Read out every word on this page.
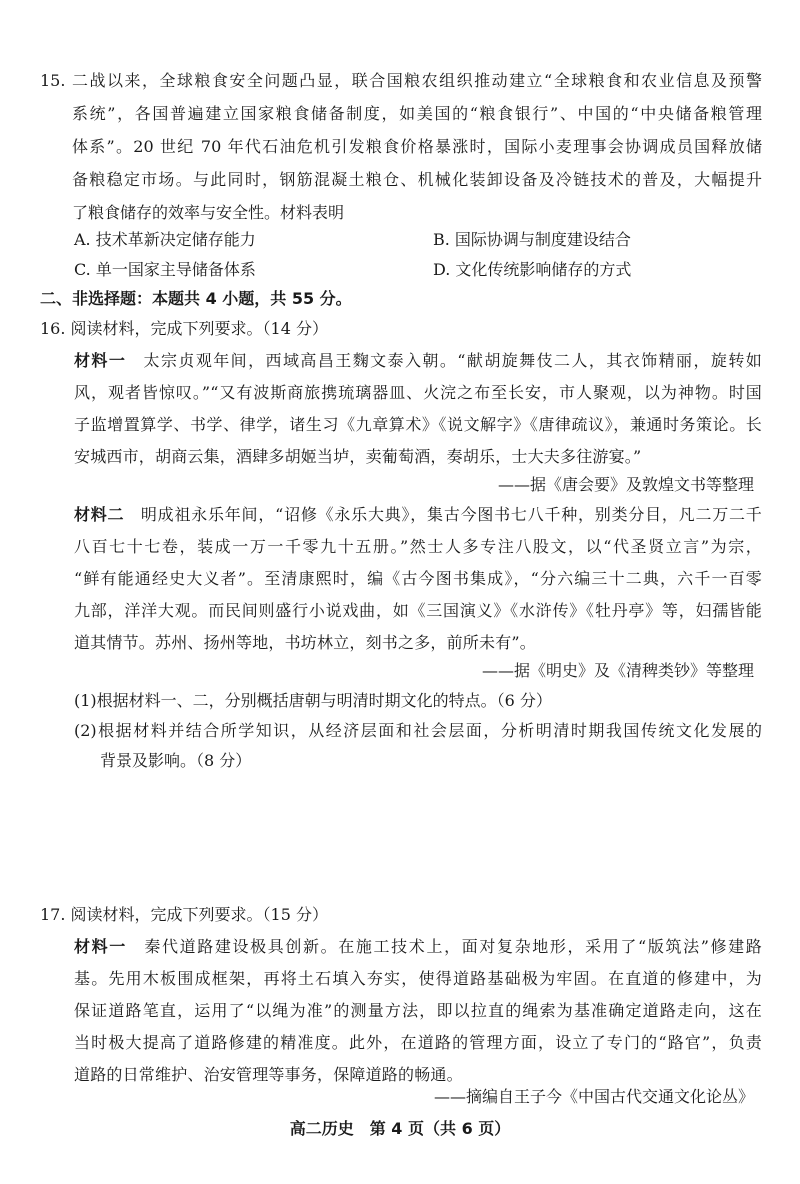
15. 二战以来，全球粮食安全问题凸显，联合国粮农组织推动建立“全球粮食和农业信息及预警
系统”，各国普遍建立国家粮食储备制度，如美国的“粮食银行”、中国的“中央储备粮管理
体系”。20 世纪 70 年代石油危机引发粮食价格暴涨时，国际小麦理事会协调成员国释放储
备粮稳定市场。与此同时，钢筋混凝土粮仓、机械化装卸设备及冷链技术的普及，大幅提升
了粮食储存的效率与安全性。材料表明
A. 技术革新决定储存能力	B. 国际协调与制度建设结合
C. 单一国家主导储备体系	D. 文化传统影响储存的方式
二、非选择题：本题共 4 小题，共 55 分。
16. 阅读材料，完成下列要求。（14 分）
材料一 太宗贞观年间，西域高昌王麴文泰入朝。“献胡旋舞伎二人，其衣饰精丽，旋转如
风，观者皆惊叹。”“又有波斯商旅携琉璃器皿、火浣之布至长安，市人聚观，以为神物。时国
子监增置算学、书学、律学，诸生习《九章算术》《说文解字》《唐律疏议》，兼通时务策论。长
安城西市，胡商云集，酒肆多胡姬当垆，卖葡萄酒，奏胡乐，士大夫多往游宴。”
——据《唐会要》及敦煌文书等整理
材料二 明成祖永乐年间，“诏修《永乐大典》，集古今图书七八千种，别类分目，凡二万二千
八百七十七卷，装成一万一千零九十五册。”然士人多专注八股文，以“代圣贤立言”为宗，
“鲜有能通经史大义者”。至清康熙时，编《古今图书集成》，“分六编三十二典，六千一百零
九部，洋洋大观。而民间则盛行小说戏曲，如《三国演义》《水浒传》《牡丹亭》等，妇孺皆能
道其情节。苏州、扬州等地，书坊林立，刻书之多，前所未有”。
——据《明史》及《清稗类钞》等整理
(1)根据材料一、二，分别概括唐朝与明清时期文化的特点。（6 分）
(2)根据材料并结合所学知识，从经济层面和社会层面，分析明清时期我国传统文化发展的
背景及影响。（8 分）
17. 阅读材料，完成下列要求。（15 分）
材料一 秦代道路建设极具创新。在施工技术上，面对复杂地形，采用了“版筑法”修建路
基。先用木板围成框架，再将土石填入夯实，使得道路基础极为牢固。在直道的修建中，为
保证道路笔直，运用了“以绳为准”的测量方法，即以拉直的绳索为基准确定道路走向，这在
当时极大提高了道路修建的精准度。此外，在道路的管理方面，设立了专门的“路官”，负责
道路的日常维护、治安管理等事务，保障道路的畅通。
——摘编自王子今《中国古代交通文化论丛》
高二历史　第 4 页（共 6 页）
